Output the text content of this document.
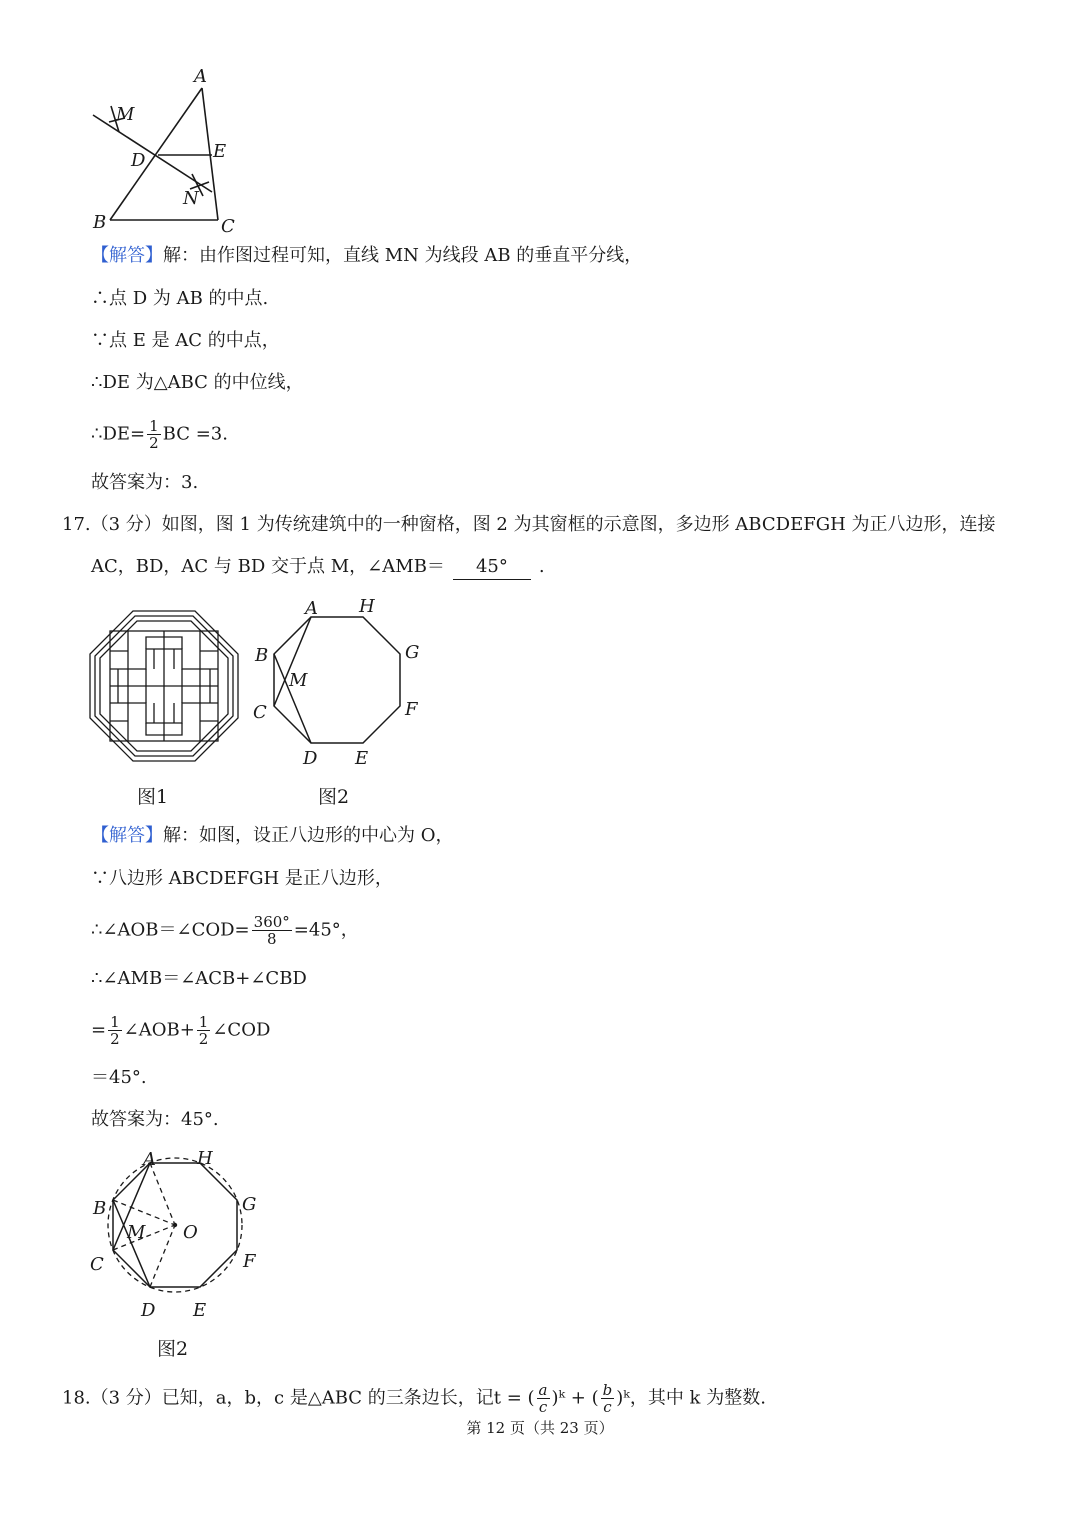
A
M
D	E
N
B	C
【解答】解：由作图过程可知，直线 MN 为线段 AB 的垂直平分线，
∴点 D 为 AB 的中点.
∵点 E 是 AC 的中点，
∴DE 为△ABC 的中位线，
∴DE= $\frac{1}{2}$ BC =3.
故答案为：3.
17.（3 分）如图，图 1 为传统建筑中的一种窗格，图 2 为其窗框的示意图，多边形 ABCDEFGH 为正八边形，连接
AC，BD，AC 与 BD 交于点 M，∠AMB＝ 45° .
A H
B	G
M
C	F
D E
图1	图2
【解答】解：如图，设正八边形的中心为 O，
∵八边形 ABCDEFGH 是正八边形，
∴∠AOB＝∠COD= $\frac{360^\circ}{8} =45^\circ$，
∴∠AMB＝∠ACB+∠CBD
= $\frac{1}{2}$ ∠AOB+ $\frac{1}{2}$ ∠COD
＝45°.
故答案为：45°.
A H
B	G
M O
C	F
D E
图2
18.（3 分）已知，a，b，c 是△ABC 的三条边长，记t = ( $\frac{a}{c}$ )ᵏ + ( $\frac{b}{c}$ )ᵏ，其中 k 为整数.
第 12 页（共 23 页）
